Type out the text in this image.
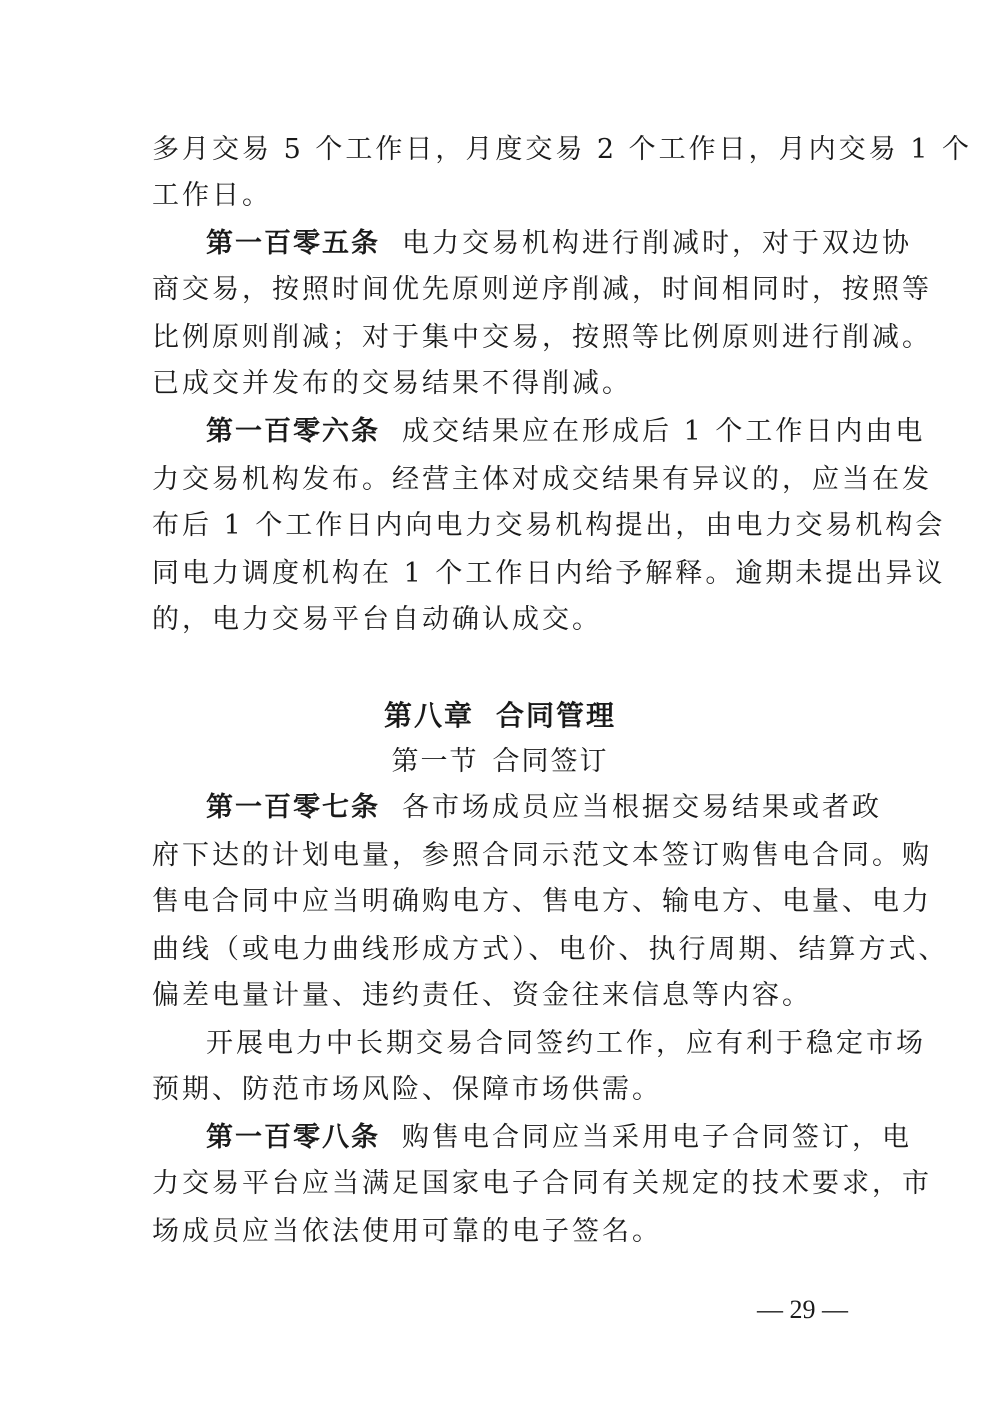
多月交易 5 个工作日，月度交易 2 个工作日，月内交易 1 个
工作日。
第一百零五条 电力交易机构进行削减时，对于双边协
商交易，按照时间优先原则逆序削减，时间相同时，按照等
比例原则削减；对于集中交易，按照等比例原则进行削减。
已成交并发布的交易结果不得削减。
第一百零六条 成交结果应在形成后 1 个工作日内由电
力交易机构发布。经营主体对成交结果有异议的，应当在发
布后 1 个工作日内向电力交易机构提出，由电力交易机构会
同电力调度机构在 1 个工作日内给予解释。逾期未提出异议
的，电力交易平台自动确认成交。
第八章 合同管理
第一节 合同签订
第一百零七条 各市场成员应当根据交易结果或者政
府下达的计划电量，参照合同示范文本签订购售电合同。购
售电合同中应当明确购电方、售电方、输电方、电量、电力
曲线（或电力曲线形成方式）、电价、执行周期、结算方式、
偏差电量计量、违约责任、资金往来信息等内容。
开展电力中长期交易合同签约工作，应有利于稳定市场
预期、防范市场风险、保障市场供需。
第一百零八条 购售电合同应当采用电子合同签订，电
力交易平台应当满足国家电子合同有关规定的技术要求，市
场成员应当依法使用可靠的电子签名。
— 29 —
